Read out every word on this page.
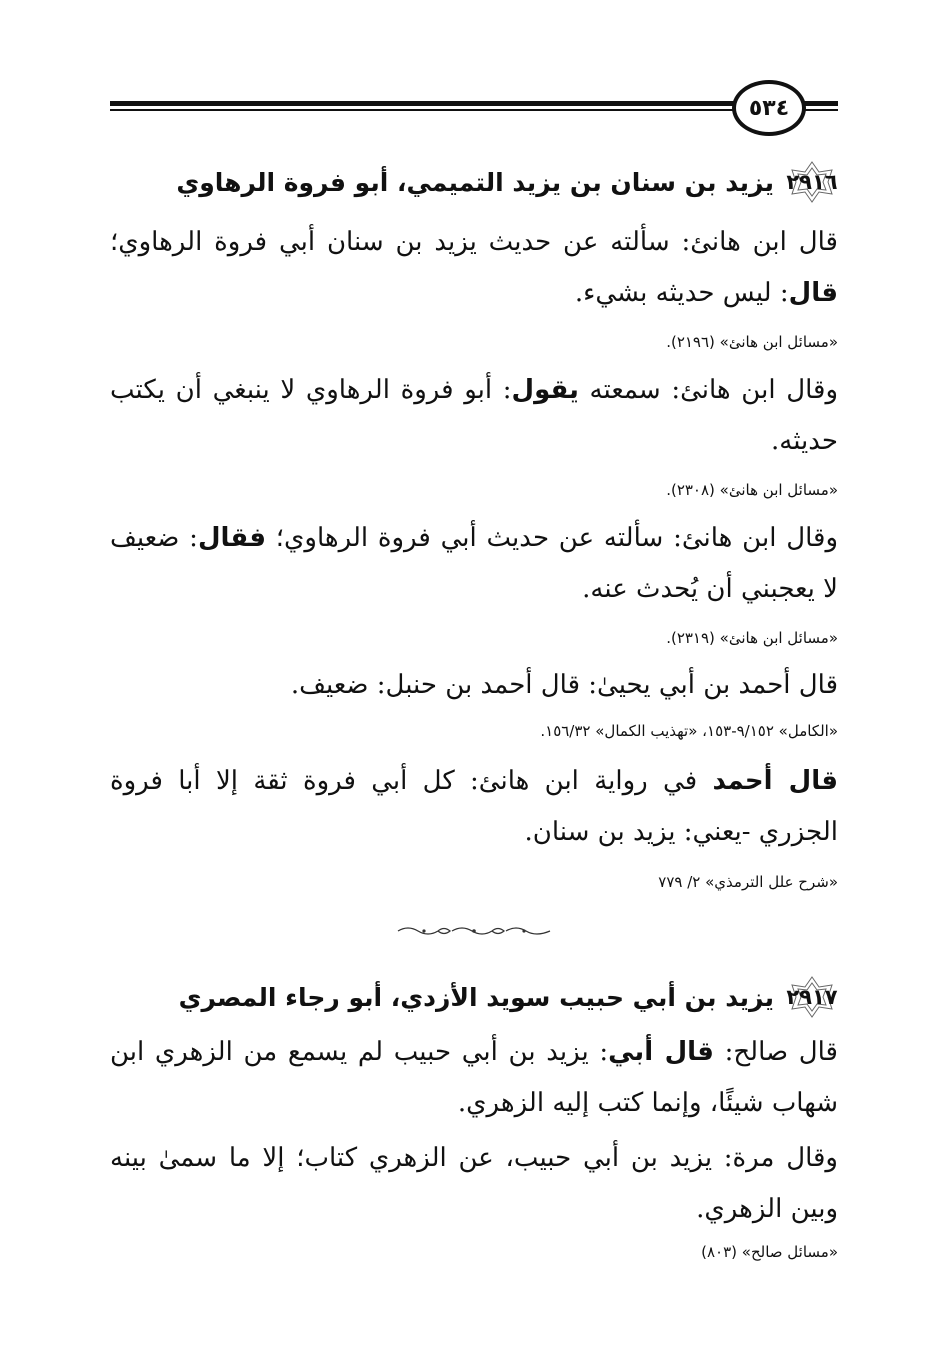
٥٣٤
٢٩١٦
يزيد بن سنان بن يزيد التميمي، أبو فروة الرهاوي

قال ابن هانئ: سألته عن حديث يزيد بن سنان أبي فروة الرهاوي؛ قال: ليس حديثه بشيء.

«مسائل ابن هانئ» (٢١٩٦).

وقال ابن هانئ: سمعته يقول: أبو فروة الرهاوي لا ينبغي أن يكتب حديثه.

«مسائل ابن هانئ» (٢٣٠٨).

وقال ابن هانئ: سألته عن حديث أبي فروة الرهاوي؛ فقال: ضعيف لا يعجبني أن يُحدث عنه.

«مسائل ابن هانئ» (٢٣١٩).

قال أحمد بن أبي يحيىٰ: قال أحمد بن حنبل: ضعيف.

«الكامل» ٩/١٥٢-١٥٣، «تهذيب الكمال» ١٥٦/٣٢.

قال أحمد في رواية ابن هانئ: كل أبي فروة ثقة إلا أبا فروة الجزري -يعني: يزيد بن سنان.

«شرح علل الترمذي» ٢/ ٧٧٩

٢٩١٧
يزيد بن أبي حبيب سويد الأزدي، أبو رجاء المصري

قال صالح: قال أبي: يزيد بن أبي حبيب لم يسمع من الزهري ابن شهاب شيئًا، وإنما كتب إليه الزهري.

وقال مرة: يزيد بن أبي حبيب، عن الزهري كتاب؛ إلا ما سمىٰ بينه وبين الزهري.

«مسائل صالح» (٨٠٣)
